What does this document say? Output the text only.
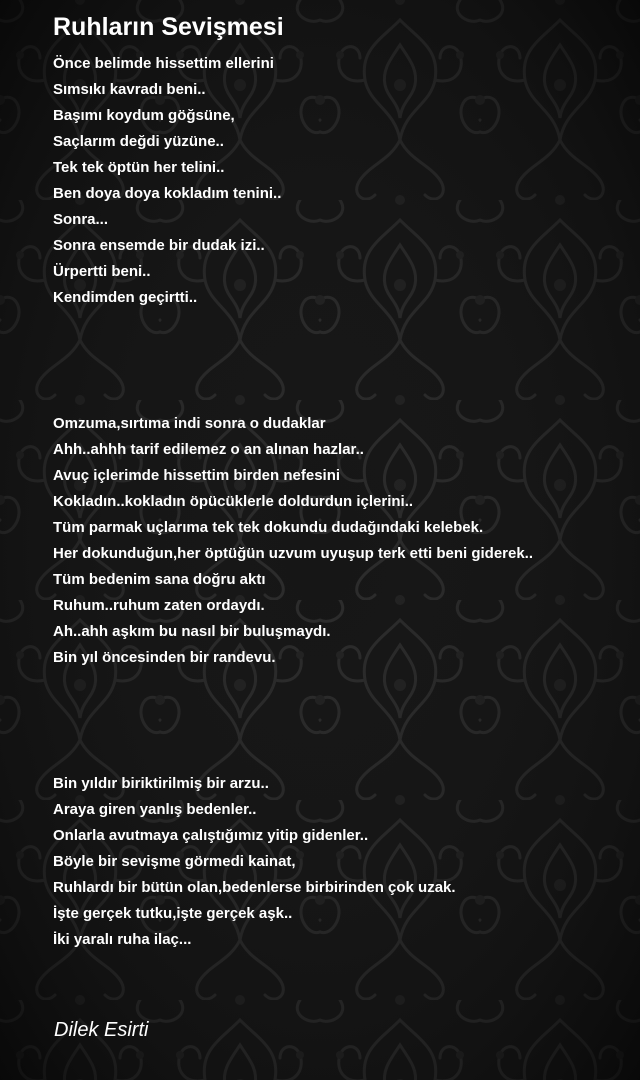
Ruhların Sevişmesi
Önce belimde hissettim ellerini
Sımsıkı kavradı beni..
Başımı koydum göğsüne,
Saçlarım değdi yüzüne..
Tek tek öptün her telini..
Ben doya doya kokladım tenini..
Sonra...
Sonra ensemde bir dudak izi..
Ürpertti beni..
Kendimden geçirtti..
Omzuma,sırtıma indi sonra o dudaklar
Ahh..ahhh tarif edilemez o an alınan hazlar..
Avuç içlerimde hissettim birden nefesini
Kokladın..kokladın öpücüklerle doldurdun içlerini..
Tüm parmak uçlarıma tek tek dokundu dudağındaki kelebek.
Her dokunduğun,her öptüğün uzvum uyuşup terk etti beni giderek..
Tüm bedenim sana doğru aktı
Ruhum..ruhum zaten ordaydı.
Ah..ahh aşkım bu nasıl bir buluşmaydı.
Bin yıl öncesinden bir randevu.
Bin yıldır biriktirilmiş bir arzu..
Araya giren yanlış bedenler..
Onlarla avutmaya çalıştığımız yitip gidenler..
Böyle bir sevişme görmedi kainat,
Ruhlardı bir bütün olan,bedenlerse birbirinden çok uzak.
İşte gerçek tutku,işte gerçek aşk..
İki yaralı ruha ilaç...

Dilek Esirti
